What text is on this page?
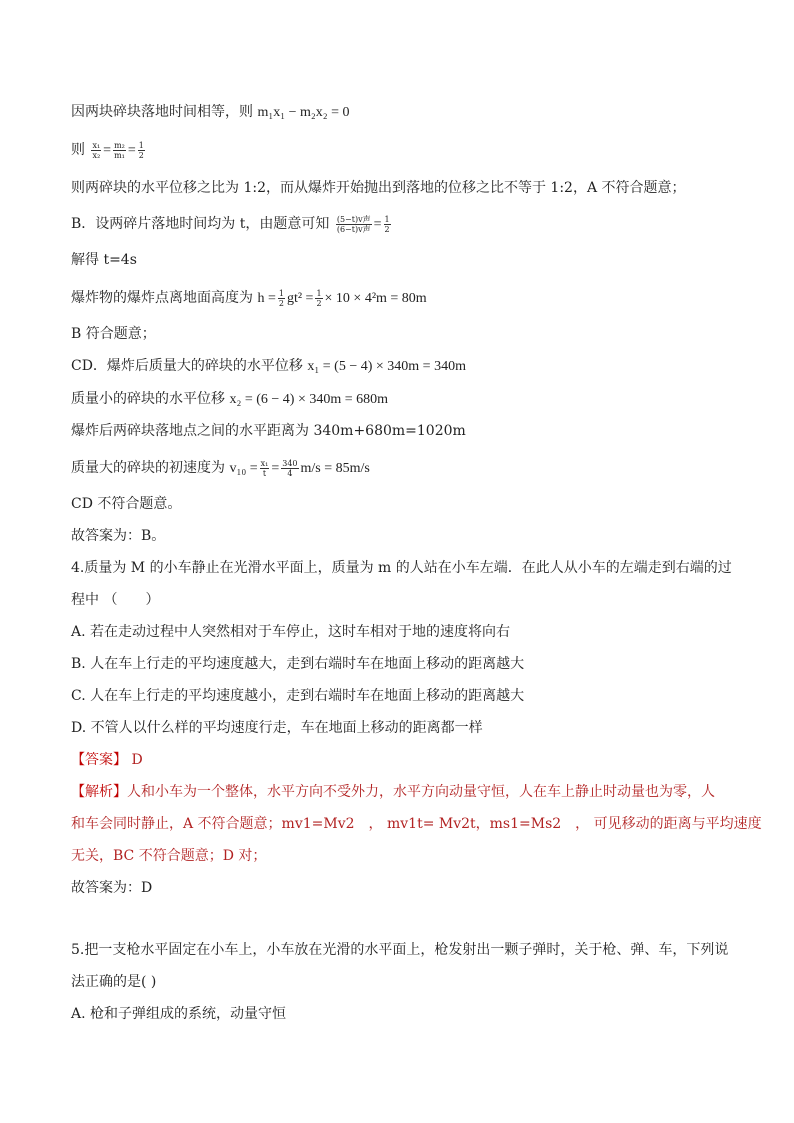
因两块碎块落地时间相等，则 m₁x₁ − m₂x₂ = 0
则 $\frac{\text{x₁}}{\text{x₂}} = \frac{\text{m₂}}{\text{m₁}} = \frac{1}{2}$
则两碎块的水平位移之比为 1:2，而从爆炸开始抛出到落地的位移之比不等于 1:2，A 不符合题意；
B．设两碎片落地时间均为 t，由题意可知 $\frac{\text{(5−t)v声}}{\text{(6−t)v声}} = \frac{1}{2}$
解得 t=4s
爆炸物的爆炸点离地面高度为 $h = \frac{1}{2} gt^2 = \frac{1}{2} \times 10 \times 4^2m = 80m$
B 符合题意；
CD．爆炸后质量大的碎块的水平位移 x₁ = (5 − 4) × 340m = 340m
质量小的碎块的水平位移 x₂ = (6 − 4) × 340m = 680m
爆炸后两碎块落地点之间的水平距离为 340m+680m=1020m
质量大的碎块的初速度为 $v_{10} = \frac{\text{x₁}}{t} = \frac{340}{4} m/s = 85m/s$
CD 不符合题意。
故答案为：B。
4.质量为 M 的小车静止在光滑水平面上，质量为 m 的人站在小车左端．在此人从小车的左端走到右端的过
程中 （　　）
A. 若在走动过程中人突然相对于车停止，这时车相对于地的速度将向右
B. 人在车上行走的平均速度越大，走到右端时车在地面上移动的距离越大
C. 人在车上行走的平均速度越小，走到右端时车在地面上移动的距离越大
D. 不管人以什么样的平均速度行走，车在地面上移动的距离都一样
【答案】 D
【解析】人和小车为一个整体，水平方向不受外力，水平方向动量守恒，人在车上静止时动量也为零，人
和车会同时静止，A 不符合题意；mv1=Mv2　， mv1t= Mv2t，ms1=Ms2　， 可见移动的距离与平均速度
无关，BC 不符合题意；D 对；
故答案为：D
5.把一支枪水平固定在小车上，小车放在光滑的水平面上，枪发射出一颗子弹时，关于枪、弹、车，下列说
法正确的是( )
A. 枪和子弹组成的系统，动量守恒
